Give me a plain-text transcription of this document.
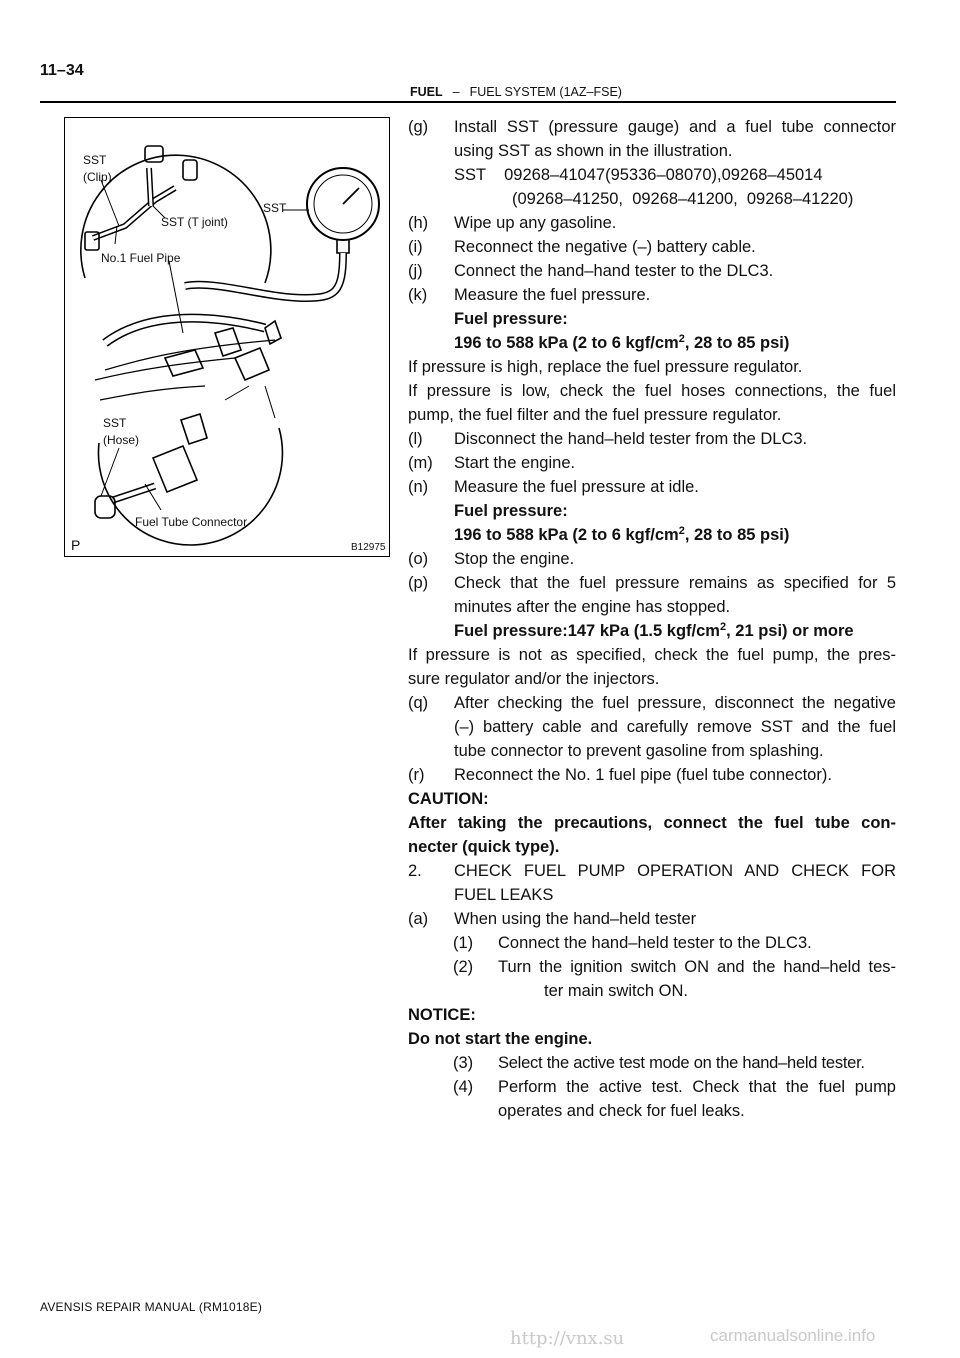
11–34
FUEL – FUEL SYSTEM (1AZ–FSE)
SST
(Clip)
SST (T joint)
SST
No.1 Fuel Pipe
SST
(Hose)
Fuel Tube Connector
P	B12975
(g) Install SST (pressure gauge) and a fuel tube connector
using SST as shown in the illustration.
SST    09268–41047(95336–08070),09268–45014
(09268–41250,  09268–41200,  09268–41220)
(h) Wipe up any gasoline.
(i) Reconnect the negative (–) battery cable.
(j) Connect the hand–hand tester to the DLC3.
(k) Measure the fuel pressure.
Fuel pressure:
196 to 588 kPa (2 to 6 kgf/$cm^2$, 28 to 85 psi)
If pressure is high, replace the fuel pressure regulator.
If pressure is low, check the fuel hoses connections, the fuel
pump, the fuel filter and the fuel pressure regulator.
(l) Disconnect the hand–held tester from the DLC3.
(m) Start the engine.
(n) Measure the fuel pressure at idle.
Fuel pressure:
196 to 588 kPa (2 to 6 kgf/$cm^2$, 28 to 85 psi)
(o) Stop the engine.
(p) Check that the fuel pressure remains as specified for 5
minutes after the engine has stopped.
Fuel pressure:147 kPa (1.5 kgf/$cm^2$, 21 psi) or more
If pressure is not as specified, check the fuel pump, the pres-
sure regulator and/or the injectors.
(q) After checking the fuel pressure, disconnect the negative
(–) battery cable and carefully remove SST and the fuel
tube connector to prevent gasoline from splashing.
(r) Reconnect the No. 1 fuel pipe (fuel tube connector).
CAUTION:
After taking the precautions, connect the fuel tube con-
necter (quick type).
2. CHECK FUEL PUMP OPERATION AND CHECK FOR
FUEL LEAKS
(a) When using the hand–held tester
(1) Connect the hand–held tester to the DLC3.
(2) Turn the ignition switch ON and the hand–held tes-
ter main switch ON.
NOTICE:
Do not start the engine.
(3) Select the active test mode on the hand–held tester.
(4) Perform the active test. Check that the fuel pump
operates and check for fuel leaks.
AVENSIS REPAIR MANUAL (RM1018E)
http://vnx.su	carmanualsonline.info
